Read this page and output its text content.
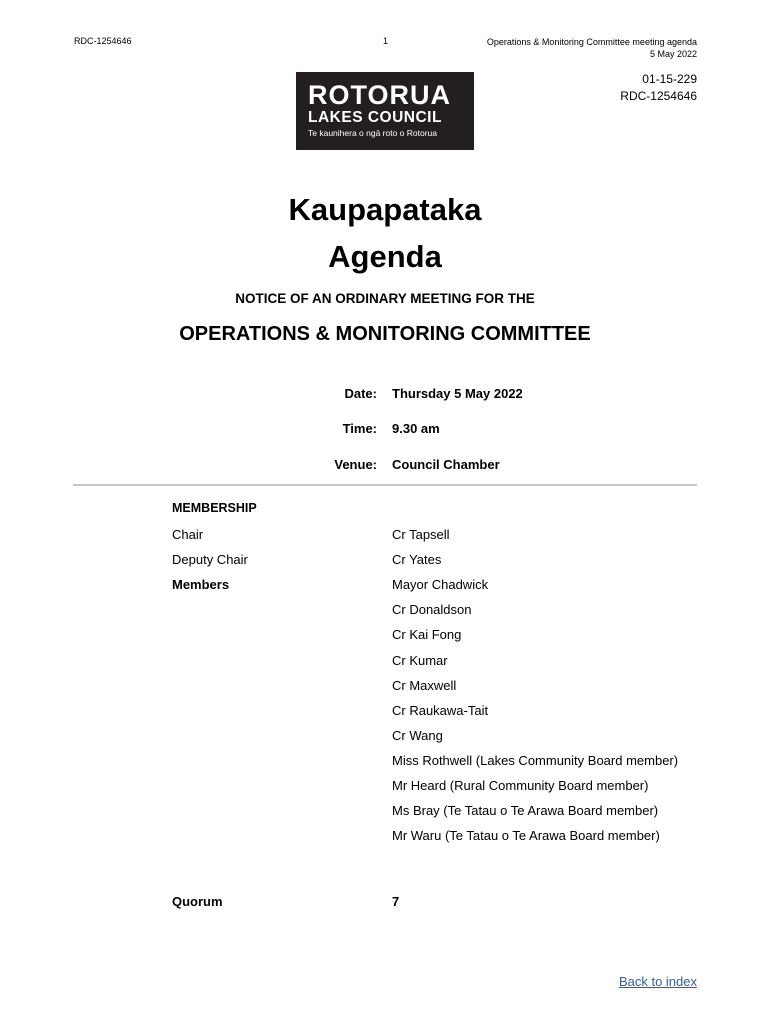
RDC-1254646	1	Operations & Monitoring Committee meeting agenda
5 May 2022
01-15-229
RDC-1254646
ROTORUA
LAKES COUNCIL
Te kaunihera o ngā roto o Rotorua
Kaupapataka
Agenda
NOTICE OF AN ORDINARY MEETING FOR THE
OPERATIONS & MONITORING COMMITTEE
Date: Thursday 5 May 2022
Time: 9.30 am
Venue: Council Chamber
MEMBERSHIP
Chair	Cr Tapsell
Deputy Chair	Cr Yates
Members	Mayor Chadwick
Cr Donaldson
Cr Kai Fong
Cr Kumar
Cr Maxwell
Cr Raukawa-Tait
Cr Wang
Miss Rothwell (Lakes Community Board member)
Mr Heard (Rural Community Board member)
Ms Bray (Te Tatau o Te Arawa Board member)
Mr Waru (Te Tatau o Te Arawa Board member)
Quorum	7
Back to index
